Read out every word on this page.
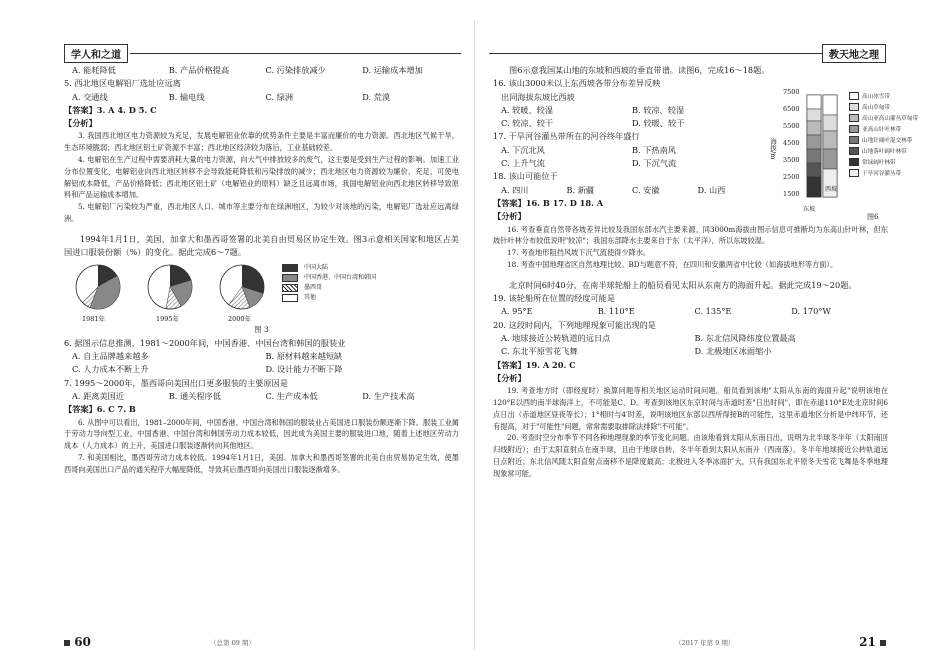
学人和之道
A. 能耗降低	B. 产品价格提高	C. 污染排放减少	D. 运输成本增加
5. 西北地区电解铝厂选址应远离
A. 交通线	B. 输电线	C. 绿洲	D. 荒漠
【答案】3. A 4. D 5. C
【分析】
3. 我国西北地区电力资源较为充足，发展电解铝业依靠的优势条件主要是丰富而廉价的电力资源。西北地区气候干旱，生态环境脆弱；西北地区铝土矿资源不丰富；西北地区经济较为落后，工业基础较差。
4. 电解铝在生产过程中需要消耗大量的电力资源，向大气中排放较多的废气，这主要是受到生产过程的影响。加速工业分布位置变化，电解铝业向西北地区转移不会导致能耗降低和污染排放的减少；西北地区电力资源较为廉价、充足，可使电解铝成本降低，产品价格降低；西北地区铝土矿（电解铝业的原料）缺乏且远离市场，我国电解铝业向西北地区转移导致原料和产品运输成本增加。
5. 电解铝厂污染较为严重，西北地区人口、城市等主要分布在绿洲地区，为较少对该地的污染，电解铝厂选址应远离绿洲。
1994年1月1日，美国、加拿大和墨西哥签署的北美自由贸易区协定生效。图3示意相关国家和地区占美国进口服装份额（%）的变化。据此完成6～7题。
1981年	1995年	2000年
中国大陆
中国香港、中国台湾和韩国
墨西哥
其他
图 3
6. 据图示信息推测，1981～2000年间，中国香港、中国台湾和韩国的服装业
A. 自主品牌越来越多	B. 原材料越来越短缺
C. 人力成本不断上升	D. 设计能力不断下降
7. 1995～2000年，墨西哥向美国出口更多服装的主要原因是
A. 距离美国近	B. 通关程序低	C. 生产成本低	D. 生产技术高
【答案】6. C 7. B
6. 从图中可以看出，1981–2000年间，中国香港、中国台湾和韩国的服装业占美国进口服装份额逐渐下降。服装工业属于劳动力导向型工业，中国香港、中国台湾和韩国劳动力成本较低，因此成为美国主要的服装进口地，随着上述地区劳动力成本（人力成本）的上升，美国进口服装逐渐转向其他地区。
7. 和美国相比，墨西哥劳动力成本较低。1994年1月1日，美国、加拿大和墨西哥签署的北美自由贸易协定生效，使墨西哥向美国出口产品的通关程序大幅度降低，导致其后墨西哥向美国出口服装逐渐增多。
60	（总第 09 期）
教天地之理
图6示意我国某山地的东坡和西坡的垂直带谱。读图6，完成16～18题。
16. 该山3000米以上东西坡各带分布差异反映
出同海拔东坡比西坡
A. 较暖、较湿	B. 较凉、较湿
C. 较凉、较干	D. 较暖、较干
17. 干旱河谷灌丛带所在的河谷终年盛行
A. 下沉北风	B. 下热南风
C. 上升气流	D. 下沉气流
18. 该山可能位于
A. 四川	B. 新疆	C. 安徽	D. 山西
【答案】16. B 17. D 18. A
【分析】
16. 考查垂直自然带各坡差异比较及我国东部水汽主要来源。同3000m海拔由图示信息可推断均为东高山针叶林，但东坡针叶林分布较低说明"较凉"；我国东部降水主要来自于东（太平洋），所以东坡较湿。
17. 考查地形阻挡风坡下沉气流使得少降水。
18. 考查中国地理省区自然地理比较。BD与题意不符，在四川和安徽两省中比较（如海拔地形等方面）。
北京时间6时40分，在南半球轮船上的船员看见太阳从东南方的海面升起。据此完成19～20题。
19. 该轮船所在位置的经度可能是
A. 95°E	B. 110°E	C. 135°E	D. 170°W
20. 这段时间内，下列地理现象可能出现的是
A. 地球接近公转轨道的远日点	B. 东北信风降纬度位置最高
C. 东北平原雪花飞舞	D. 北极地区冰面缩小
【答案】19. A 20. C
【分析】
19. 考查地方时（即经度时）换算问题等相关地区运动时间问题。船员看到该地"太阳从东南的海面升起"说明该地在120°E以西的南半球海洋上，不可能是C、D。考查到该地区东京时间与赤道时差"日出时间"，即在赤道110°E处北京时间6点日出（赤道地区昼夜等长）；1°相时与4′时差，说明该地区东部以西所得接B的可能性，这里赤道地区分析是中纬环节，还有提高，对于"可能性"问题，常常需要取排除法排除"不可能"。
20. 考查时空分布季节不同各种地理现象的季节变化问题。由该地看到太阳从东南日出，说明为北半球冬半年（太阳南回归线附近）；由于太阳直射点在南半球，且由于地球自转，冬半年看到太阳从东南升（西南落）。冬半年地球接近公转轨道远日点附近；东北信风随太阳直射点南移不是降度最高；北极进入冬季冰面扩大，只有我国东北平原冬天雪花飞舞是冬季地理现象常可能。
海拔/m
7500
6500
5500
4500
3500
2500
1500
东坡
西坡
高山冰雪带
高山草甸带
高山亚高山灌丛草甸带
亚高山针叶林带
山地针阔叶混交林带
山地落叶阔叶林带
常绿阔叶林带
干旱河谷灌丛带
图6
21
（2017 年第 9 期）
